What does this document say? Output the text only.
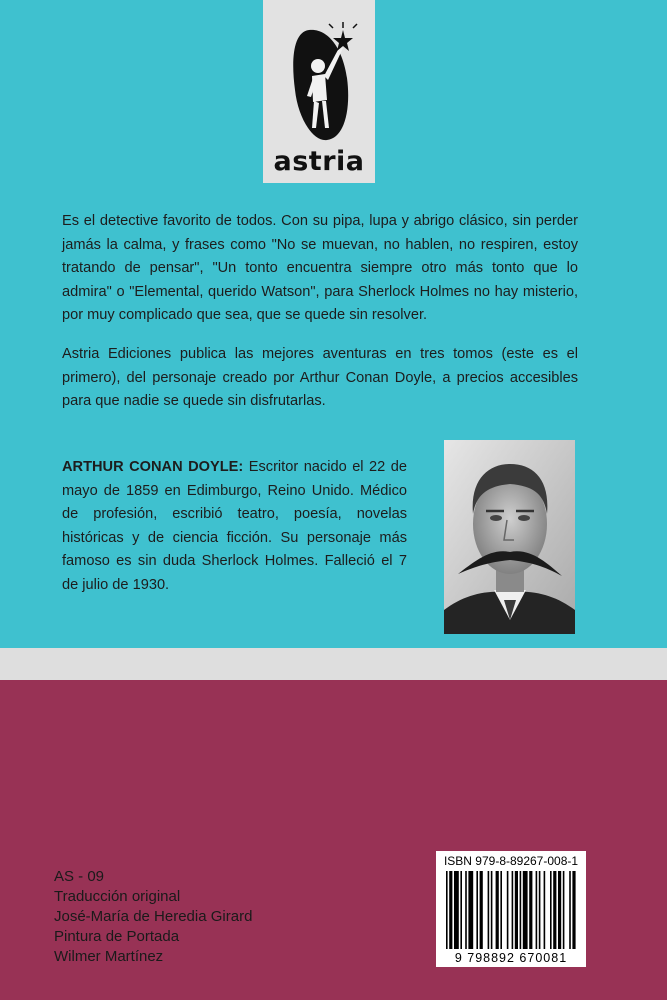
astria

Es el detective favorito de todos. Con su pipa, lupa y abrigo clásico, sin perder jamás la calma, y frases como "No se muevan, no hablen, no respiren, estoy tratando de pensar", "Un tonto encuentra siempre otro más tonto que lo admira" o "Elemental, querido Watson", para Sherlock Holmes no hay misterio, por muy complicado que sea, que se quede sin resolver.

Astria Ediciones publica las mejores aventuras en tres tomos (este es el primero), del personaje creado por Arthur Conan Doyle, a precios accesibles para que nadie se quede sin disfrutarlas.

ARTHUR CONAN DOYLE: Escritor nacido el 22 de mayo de 1859 en Edimburgo, Reino Unido. Médico de profesión, escribió teatro, poesía, novelas históricas y de ciencia ficción. Su personaje más famoso es sin duda Sherlock Holmes. Falleció el 7 de julio de 1930.

AS - 09
Traducción original
José-María de Heredia Girard
Pintura de Portada
Wilmer Martínez
ISBN 979-8-89267-008-1
9 798892 670081
